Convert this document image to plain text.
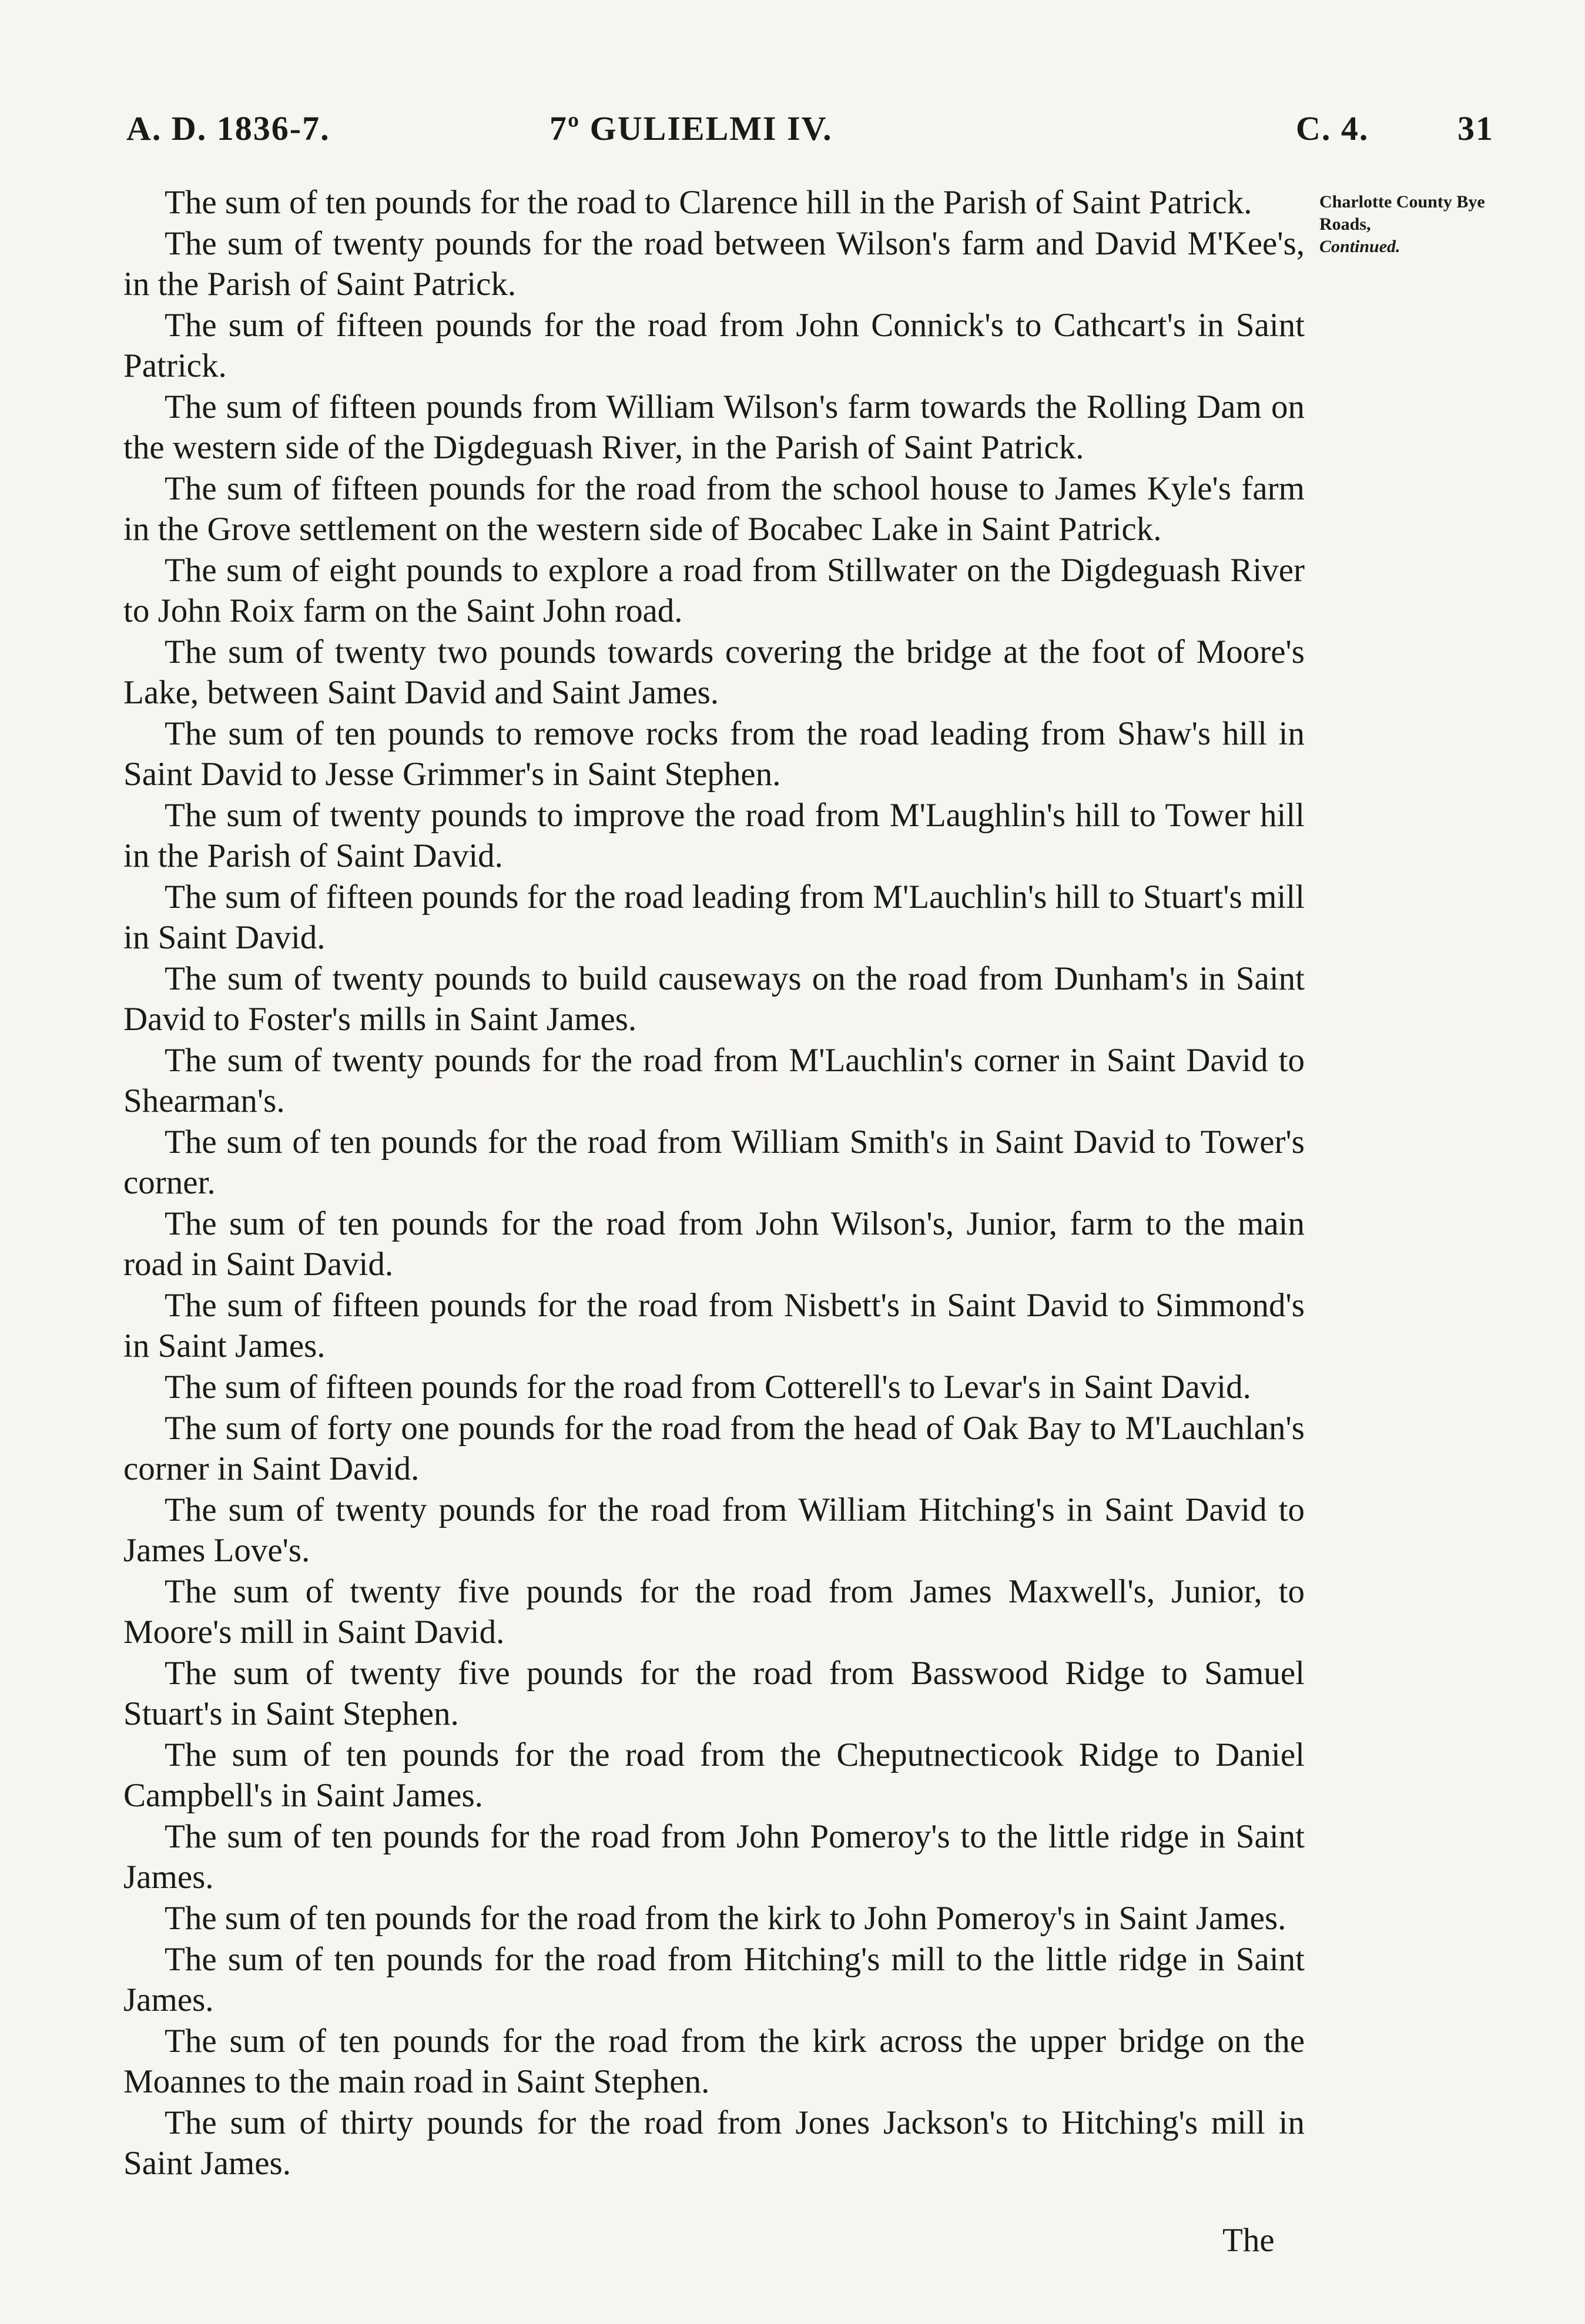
A. D. 1836-7.	7º GULIELMI IV.	C. 4.	31
Charlotte County Bye Roads,
Continued.

The sum of ten pounds for the road to Clarence hill in the Parish of Saint Patrick.

The sum of twenty pounds for the road between Wilson's farm and David M'Kee's, in the Parish of Saint Patrick.

The sum of fifteen pounds for the road from John Connick's to Cathcart's in Saint Patrick.

The sum of fifteen pounds from William Wilson's farm towards the Rolling Dam on the western side of the Digdeguash River, in the Parish of Saint Patrick.

The sum of fifteen pounds for the road from the school house to James Kyle's farm in the Grove settlement on the western side of Bocabec Lake in Saint Patrick.

The sum of eight pounds to explore a road from Stillwater on the Digdeguash River to John Roix farm on the Saint John road.

The sum of twenty two pounds towards covering the bridge at the foot of Moore's Lake, between Saint David and Saint James.

The sum of ten pounds to remove rocks from the road leading from Shaw's hill in Saint David to Jesse Grimmer's in Saint Stephen.

The sum of twenty pounds to improve the road from M'Laughlin's hill to Tower hill in the Parish of Saint David.

The sum of fifteen pounds for the road leading from M'Lauchlin's hill to Stuart's mill in Saint David.

The sum of twenty pounds to build causeways on the road from Dunham's in Saint David to Foster's mills in Saint James.

The sum of twenty pounds for the road from M'Lauchlin's corner in Saint David to Shearman's.

The sum of ten pounds for the road from William Smith's in Saint David to Tower's corner.

The sum of ten pounds for the road from John Wilson's, Junior, farm to the main road in Saint David.

The sum of fifteen pounds for the road from Nisbett's in Saint David to Simmond's in Saint James.

The sum of fifteen pounds for the road from Cotterell's to Levar's in Saint David.

The sum of forty one pounds for the road from the head of Oak Bay to M'Lauchlan's corner in Saint David.

The sum of twenty pounds for the road from William Hitching's in Saint David to James Love's.

The sum of twenty five pounds for the road from James Maxwell's, Junior, to Moore's mill in Saint David.

The sum of twenty five pounds for the road from Basswood Ridge to Samuel Stuart's in Saint Stephen.

The sum of ten pounds for the road from the Cheputnecticook Ridge to Daniel Campbell's in Saint James.

The sum of ten pounds for the road from John Pomeroy's to the little ridge in Saint James.

The sum of ten pounds for the road from the kirk to John Pomeroy's in Saint James.

The sum of ten pounds for the road from Hitching's mill to the little ridge in Saint James.

The sum of ten pounds for the road from the kirk across the upper bridge on the Moannes to the main road in Saint Stephen.

The sum of thirty pounds for the road from Jones Jackson's to Hitching's mill in Saint James.

The
